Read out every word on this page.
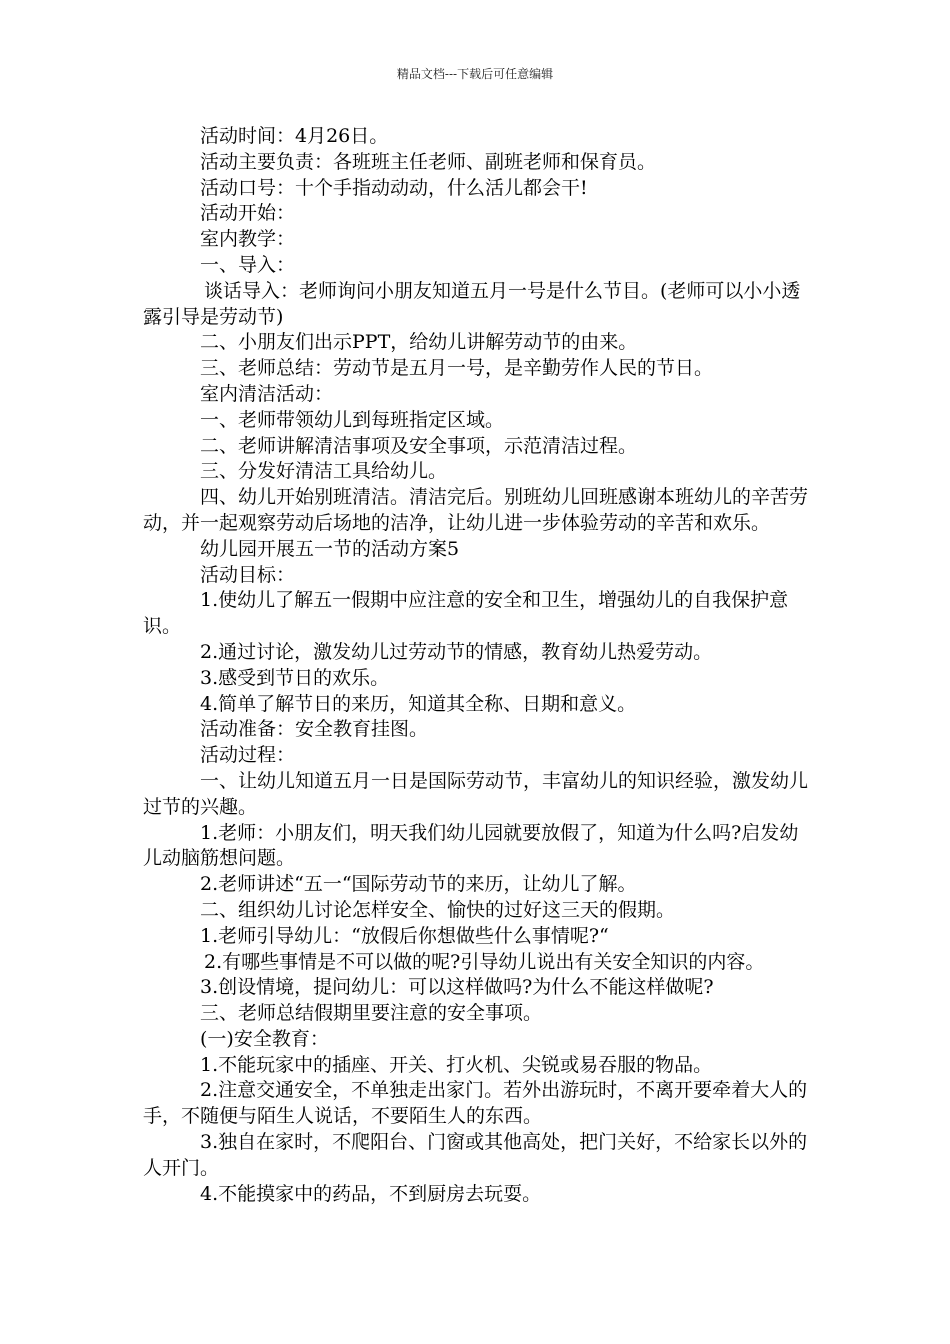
精品文档---下载后可任意编辑

活动时间：4月26日。

活动主要负责：各班班主任老师、副班老师和保育员。

活动口号：十个手指动动动，什么活儿都会干!

活动开始：

室内教学：

一、导入：

谈话导入：老师询问小朋友知道五月一号是什么节目。(老师可以小小透露引导是劳动节)

二、小朋友们出示PPT，给幼儿讲解劳动节的由来。

三、老师总结：劳动节是五月一号，是辛勤劳作人民的节日。

室内清洁活动：

一、老师带领幼儿到每班指定区域。

二、老师讲解清洁事项及安全事项，示范清洁过程。

三、分发好清洁工具给幼儿。

四、幼儿开始别班清洁。清洁完后。别班幼儿回班感谢本班幼儿的辛苦劳动，并一起观察劳动后场地的洁净，让幼儿进一步体验劳动的辛苦和欢乐。

幼儿园开展五一节的活动方案5

活动目标：

1.使幼儿了解五一假期中应注意的安全和卫生，增强幼儿的自我保护意识。

2.通过讨论，激发幼儿过劳动节的情感，教育幼儿热爱劳动。

3.感受到节日的欢乐。

4.简单了解节日的来历，知道其全称、日期和意义。

活动准备：安全教育挂图。

活动过程：

一、让幼儿知道五月一日是国际劳动节，丰富幼儿的知识经验，激发幼儿过节的兴趣。

1.老师：小朋友们，明天我们幼儿园就要放假了，知道为什么吗?启发幼儿动脑筋想问题。

2.老师讲述“五一“国际劳动节的来历，让幼儿了解。

二、组织幼儿讨论怎样安全、愉快的过好这三天的假期。

1.老师引导幼儿：“放假后你想做些什么事情呢?“

2.有哪些事情是不可以做的呢?引导幼儿说出有关安全知识的内容。

3.创设情境，提问幼儿：可以这样做吗?为什么不能这样做呢?

三、老师总结假期里要注意的安全事项。

(一)安全教育：

1.不能玩家中的插座、开关、打火机、尖锐或易吞服的物品。

2.注意交通安全，不单独走出家门。若外出游玩时，不离开要牵着大人的手，不随便与陌生人说话，不要陌生人的东西。

3.独自在家时，不爬阳台、门窗或其他高处，把门关好，不给家长以外的人开门。

4.不能摸家中的药品，不到厨房去玩耍。
